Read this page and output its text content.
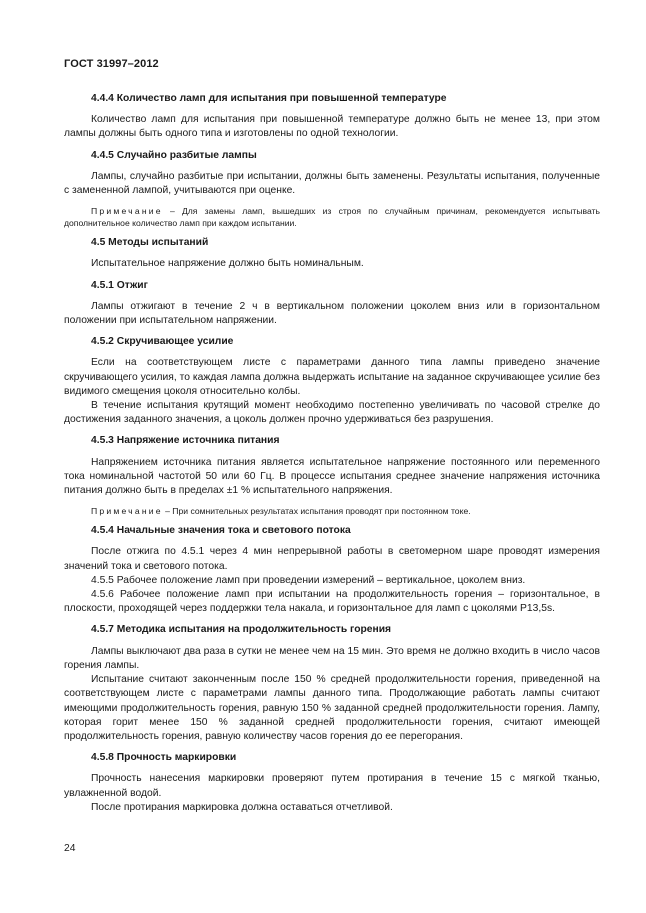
ГОСТ 31997–2012
4.4.4 Количество ламп для испытания при повышенной температуре

Количество ламп для испытания при повышенной температуре должно быть не менее 13, при этом лампы должны быть одного типа и изготовлены по одной технологии.

4.4.5 Случайно разбитые лампы

Лампы, случайно разбитые при испытании, должны быть заменены. Результаты испытания, полученные с замененной лампой, учитываются при оценке.

Примечание – Для замены ламп, вышедших из строя по случайным причинам, рекомендуется испытывать дополнительное количество ламп при каждом испытании.

4.5 Методы испытаний

Испытательное напряжение должно быть номинальным.

4.5.1 Отжиг

Лампы отжигают в течение 2 ч в вертикальном положении цоколем вниз или в горизонтальном положении при испытательном напряжении.

4.5.2 Скручивающее усилие

Если на соответствующем листе с параметрами данного типа лампы приведено значение скручивающего усилия, то каждая лампа должна выдержать испытание на заданное скручивающее усилие без видимого смещения цоколя относительно колбы.

В течение испытания крутящий момент необходимо постепенно увеличивать по часовой стрелке до достижения заданного значения, а цоколь должен прочно удерживаться без разрушения.

4.5.3 Напряжение источника питания

Напряжением источника питания является испытательное напряжение постоянного или переменного тока номинальной частотой 50 или 60 Гц. В процессе испытания среднее значение напряжения источника питания должно быть в пределах ±1 % испытательного напряжения.

Примечание – При сомнительных результатах испытания проводят при постоянном токе.

4.5.4 Начальные значения тока и светового потока

После отжига по 4.5.1 через 4 мин непрерывной работы в светомерном шаре проводят измерения значений тока и светового потока.

4.5.5 Рабочее положение ламп при проведении измерений – вертикальное, цоколем вниз.

4.5.6 Рабочее положение ламп при испытании на продолжительность горения – горизонтальное, в плоскости, проходящей через поддержки тела накала, и горизонтальное для ламп с цоколями P13,5s.

4.5.7 Методика испытания на продолжительность горения

Лампы выключают два раза в сутки не менее чем на 15 мин. Это время не должно входить в число часов горения лампы.

Испытание считают законченным после 150 % средней продолжительности горения, приведенной на соответствующем листе с параметрами лампы данного типа. Продолжающие работать лампы считают имеющими продолжительность горения, равную 150 % заданной средней продолжительности горения. Лампу, которая горит менее 150 % заданной средней продолжительности горения, считают имеющей продолжительность горения, равную количеству часов горения до ее перегорания.

4.5.8 Прочность маркировки

Прочность нанесения маркировки проверяют путем протирания в течение 15 с мягкой тканью, увлажненной водой.

После протирания маркировка должна оставаться отчетливой.

24
